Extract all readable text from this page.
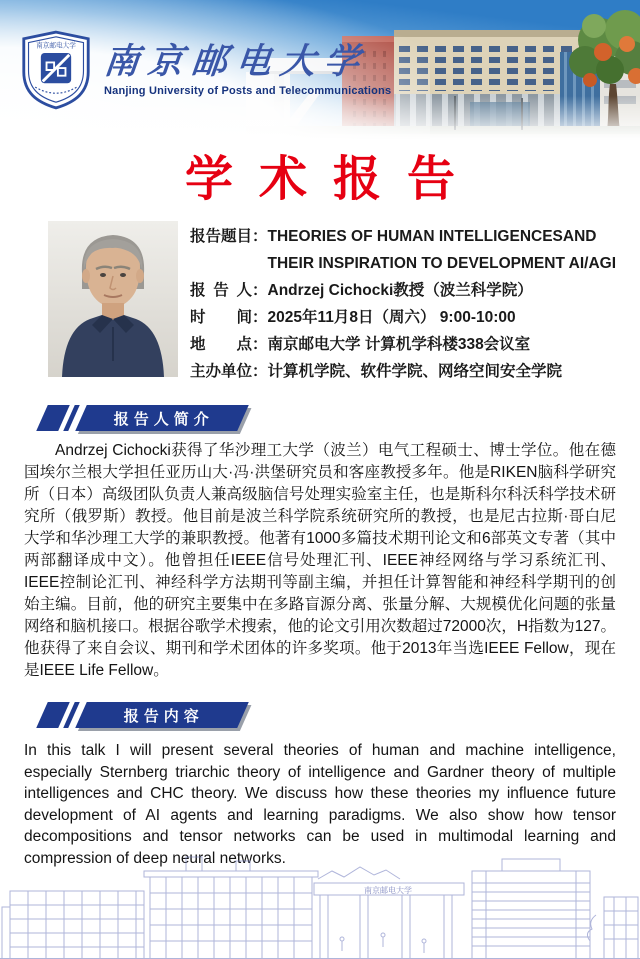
南京邮电大学 南京邮电大学
Nanjing University of Posts and Telecommunications
学术报告
报告题目： THEORIES OF HUMAN INTELLIGENCESAND THEIR INSPIRATION TO DEVELOPMENT AI/AGI
报 告 人： Andrzej Cichocki教授（波兰科学院）
时　　间： 2025年11月8日（周六） 9:00-10:00
地　　点： 南京邮电大学 计算机学科楼338会议室
主办单位： 计算机学院、软件学院、网络空间安全学院
报告人简介

Andrzej Cichocki获得了华沙理工大学（波兰）电气工程硕士、博士学位。他在德国埃尔兰根大学担任亚历山大·冯·洪堡研究员和客座教授多年。他是RIKEN脑科学研究所（日本）高级团队负责人兼高级脑信号处理实验室主任，也是斯科尔科沃科学技术研究所（俄罗斯）教授。他目前是波兰科学院系统研究所的教授，也是尼古拉斯·哥白尼大学和华沙理工大学的兼职教授。他著有1000多篇技术期刊论文和6部英文专著（其中两部翻译成中文）。他曾担任IEEE信号处理汇刊、IEEE神经网络与学习系统汇刊、IEEE控制论汇刊、神经科学方法期刊等副主编，并担任计算智能和神经科学期刊的创始主编。目前，他的研究主要集中在多路盲源分离、张量分解、大规模优化问题的张量网络和脑机接口。根据谷歌学术搜索，他的论文引用次数超过72000次，H指数为127。他获得了来自会议、期刊和学术团体的许多奖项。他于2013年当选IEEE Fellow，现在是IEEE Life Fellow。

报告内容

In this talk I will present several theories of human and machine intelligence, especially Sternberg triarchic theory of intelligence and Gardner theory of multiple intelligences and CHC theory. We discuss how these theories my influence future development of AI agents and learning paradigms. We also show how tensor decompositions and tensor networks can be used in multimodal learning and compression of deep neural networks.

南京邮电大学
